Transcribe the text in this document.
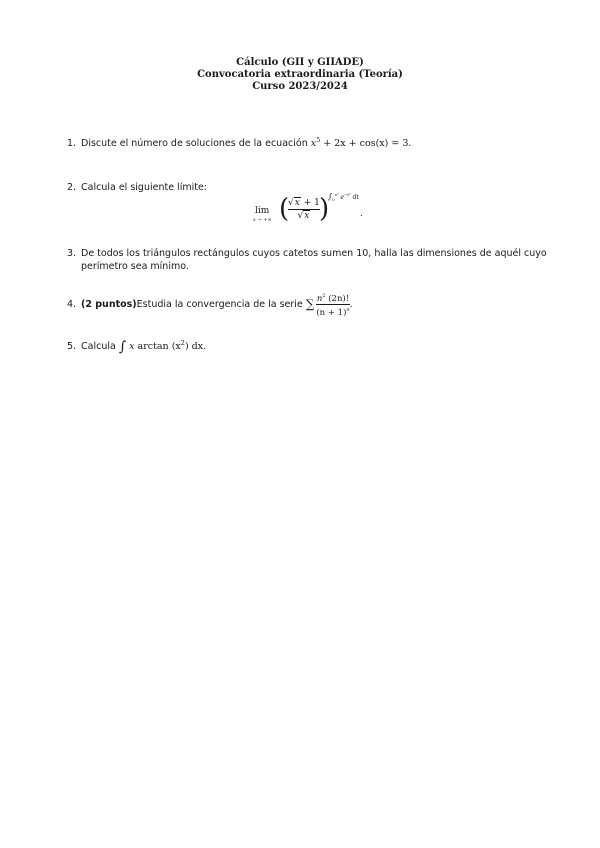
Cálculo (GII y GIIADE)
Convocatoria extraordinaria (Teoría)
Curso 2023/2024
1. Discute el número de soluciones de la ecuación $x^5 + 2x + \cos(x) = 3$.
2. Calcula el siguiente límite:
lim
x → +∞ (
√x + 1
√x )
$\int_0^{x^2}$ $e^{-t^2}$ dt
.
3. De todos los triángulos rectángulos cuyos catetos sumen 10, halla las dimensiones de aquél cuyo
perímetro sea mínimo.
4. (2 puntos) Estudia la convergencia de la serie ∑ $\frac{n^2 (2n)!}{(n + 1)^n}$ .
5. Calcula ∫ x $\arctan (x^2)$ dx.
